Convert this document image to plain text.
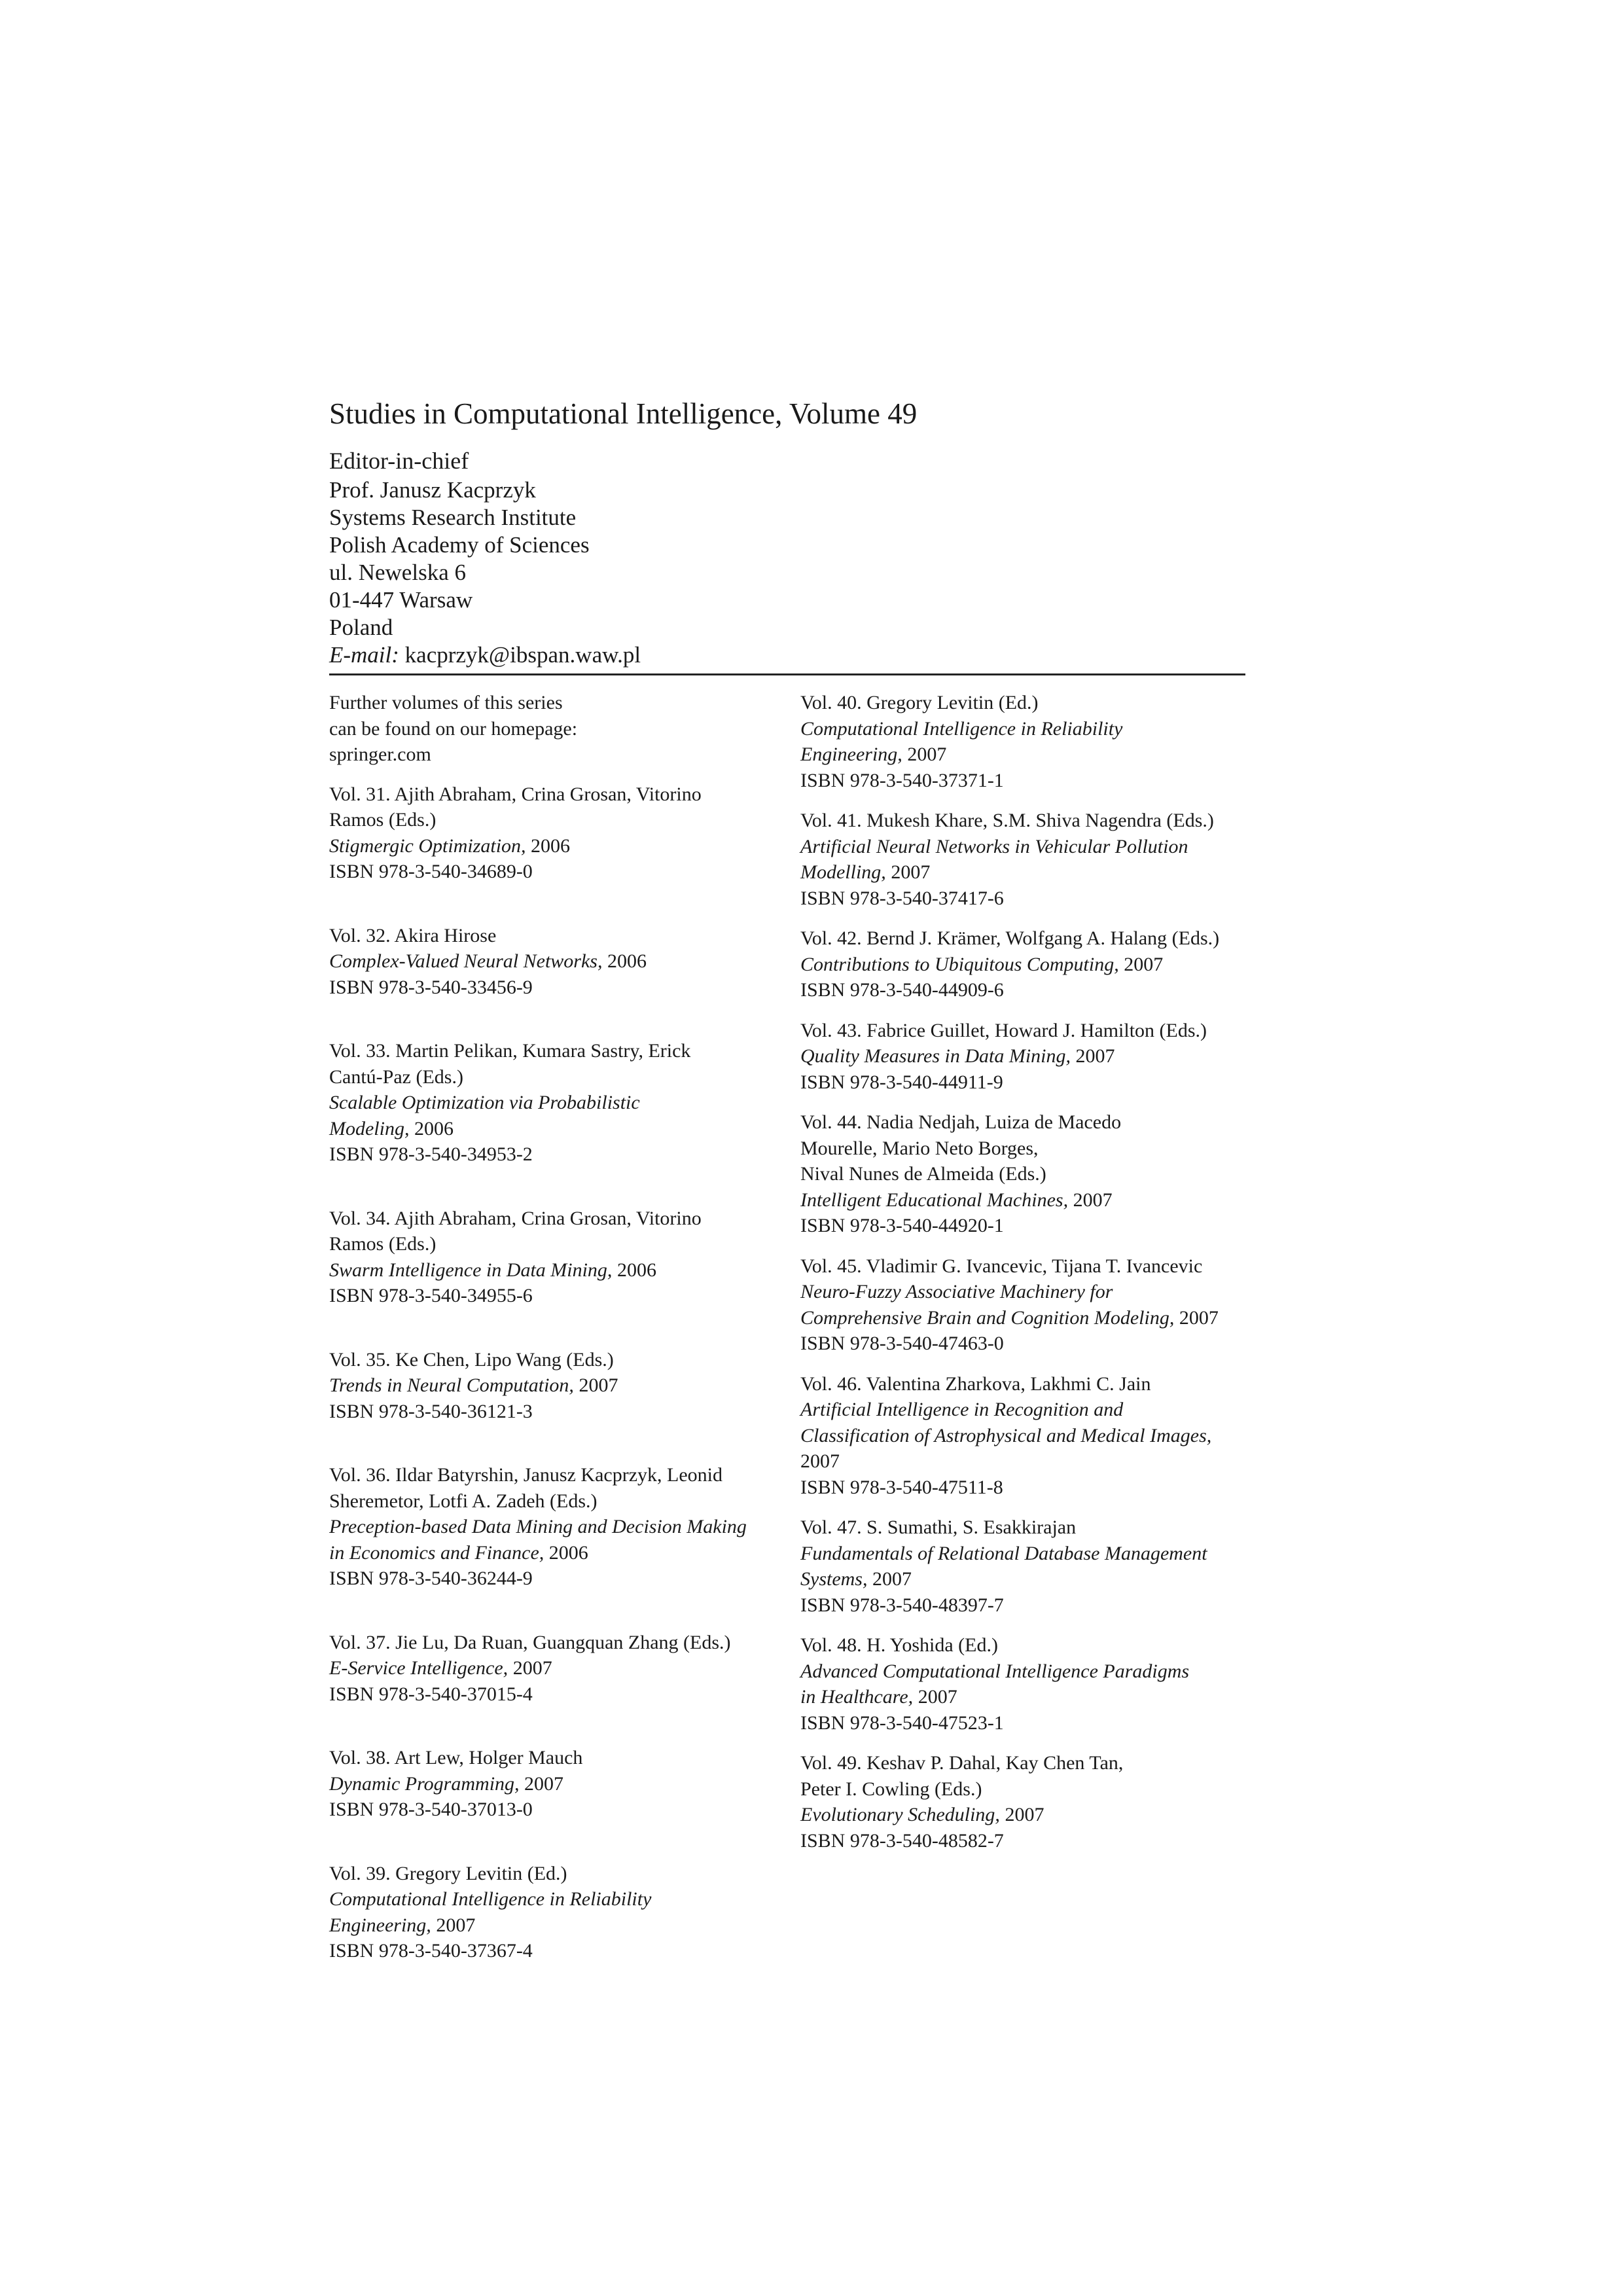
Studies in Computational Intelligence, Volume 49
Editor-in-chief
Prof. Janusz Kacprzyk
Systems Research Institute
Polish Academy of Sciences
ul. Newelska 6
01-447 Warsaw
Poland
E-mail: kacprzyk@ibspan.waw.pl
Further volumes of this series
can be found on our homepage:
springer.com
Vol. 31. Ajith Abraham, Crina Grosan, Vitorino
Ramos (Eds.)
Stigmergic Optimization, 2006
ISBN 978-3-540-34689-0
Vol. 32. Akira Hirose
Complex-Valued Neural Networks, 2006
ISBN 978-3-540-33456-9
Vol. 33. Martin Pelikan, Kumara Sastry, Erick
Cantú-Paz (Eds.)
Scalable Optimization via Probabilistic
Modeling, 2006
ISBN 978-3-540-34953-2
Vol. 34. Ajith Abraham, Crina Grosan, Vitorino
Ramos (Eds.)
Swarm Intelligence in Data Mining, 2006
ISBN 978-3-540-34955-6
Vol. 35. Ke Chen, Lipo Wang (Eds.)
Trends in Neural Computation, 2007
ISBN 978-3-540-36121-3
Vol. 36. Ildar Batyrshin, Janusz Kacprzyk, Leonid
Sheremetor, Lotfi A. Zadeh (Eds.)
Preception-based Data Mining and Decision Making
in Economics and Finance, 2006
ISBN 978-3-540-36244-9
Vol. 37. Jie Lu, Da Ruan, Guangquan Zhang (Eds.)
E-Service Intelligence, 2007
ISBN 978-3-540-37015-4
Vol. 38. Art Lew, Holger Mauch
Dynamic Programming, 2007
ISBN 978-3-540-37013-0
Vol. 39. Gregory Levitin (Ed.)
Computational Intelligence in Reliability
Engineering, 2007
ISBN 978-3-540-37367-4
Vol. 40. Gregory Levitin (Ed.)
Computational Intelligence in Reliability
Engineering, 2007
ISBN 978-3-540-37371-1
Vol. 41. Mukesh Khare, S.M. Shiva Nagendra (Eds.)
Artificial Neural Networks in Vehicular Pollution
Modelling, 2007
ISBN 978-3-540-37417-6
Vol. 42. Bernd J. Krämer, Wolfgang A. Halang (Eds.)
Contributions to Ubiquitous Computing, 2007
ISBN 978-3-540-44909-6
Vol. 43. Fabrice Guillet, Howard J. Hamilton (Eds.)
Quality Measures in Data Mining, 2007
ISBN 978-3-540-44911-9
Vol. 44. Nadia Nedjah, Luiza de Macedo
Mourelle, Mario Neto Borges,
Nival Nunes de Almeida (Eds.)
Intelligent Educational Machines, 2007
ISBN 978-3-540-44920-1
Vol. 45. Vladimir G. Ivancevic, Tijana T. Ivancevic
Neuro-Fuzzy Associative Machinery for
Comprehensive Brain and Cognition Modeling, 2007
ISBN 978-3-540-47463-0
Vol. 46. Valentina Zharkova, Lakhmi C. Jain
Artificial Intelligence in Recognition and
Classification of Astrophysical and Medical Images,
2007
ISBN 978-3-540-47511-8
Vol. 47. S. Sumathi, S. Esakkirajan
Fundamentals of Relational Database Management
Systems, 2007
ISBN 978-3-540-48397-7
Vol. 48. H. Yoshida (Ed.)
Advanced Computational Intelligence Paradigms
in Healthcare, 2007
ISBN 978-3-540-47523-1
Vol. 49. Keshav P. Dahal, Kay Chen Tan,
Peter I. Cowling (Eds.)
Evolutionary Scheduling, 2007
ISBN 978-3-540-48582-7
